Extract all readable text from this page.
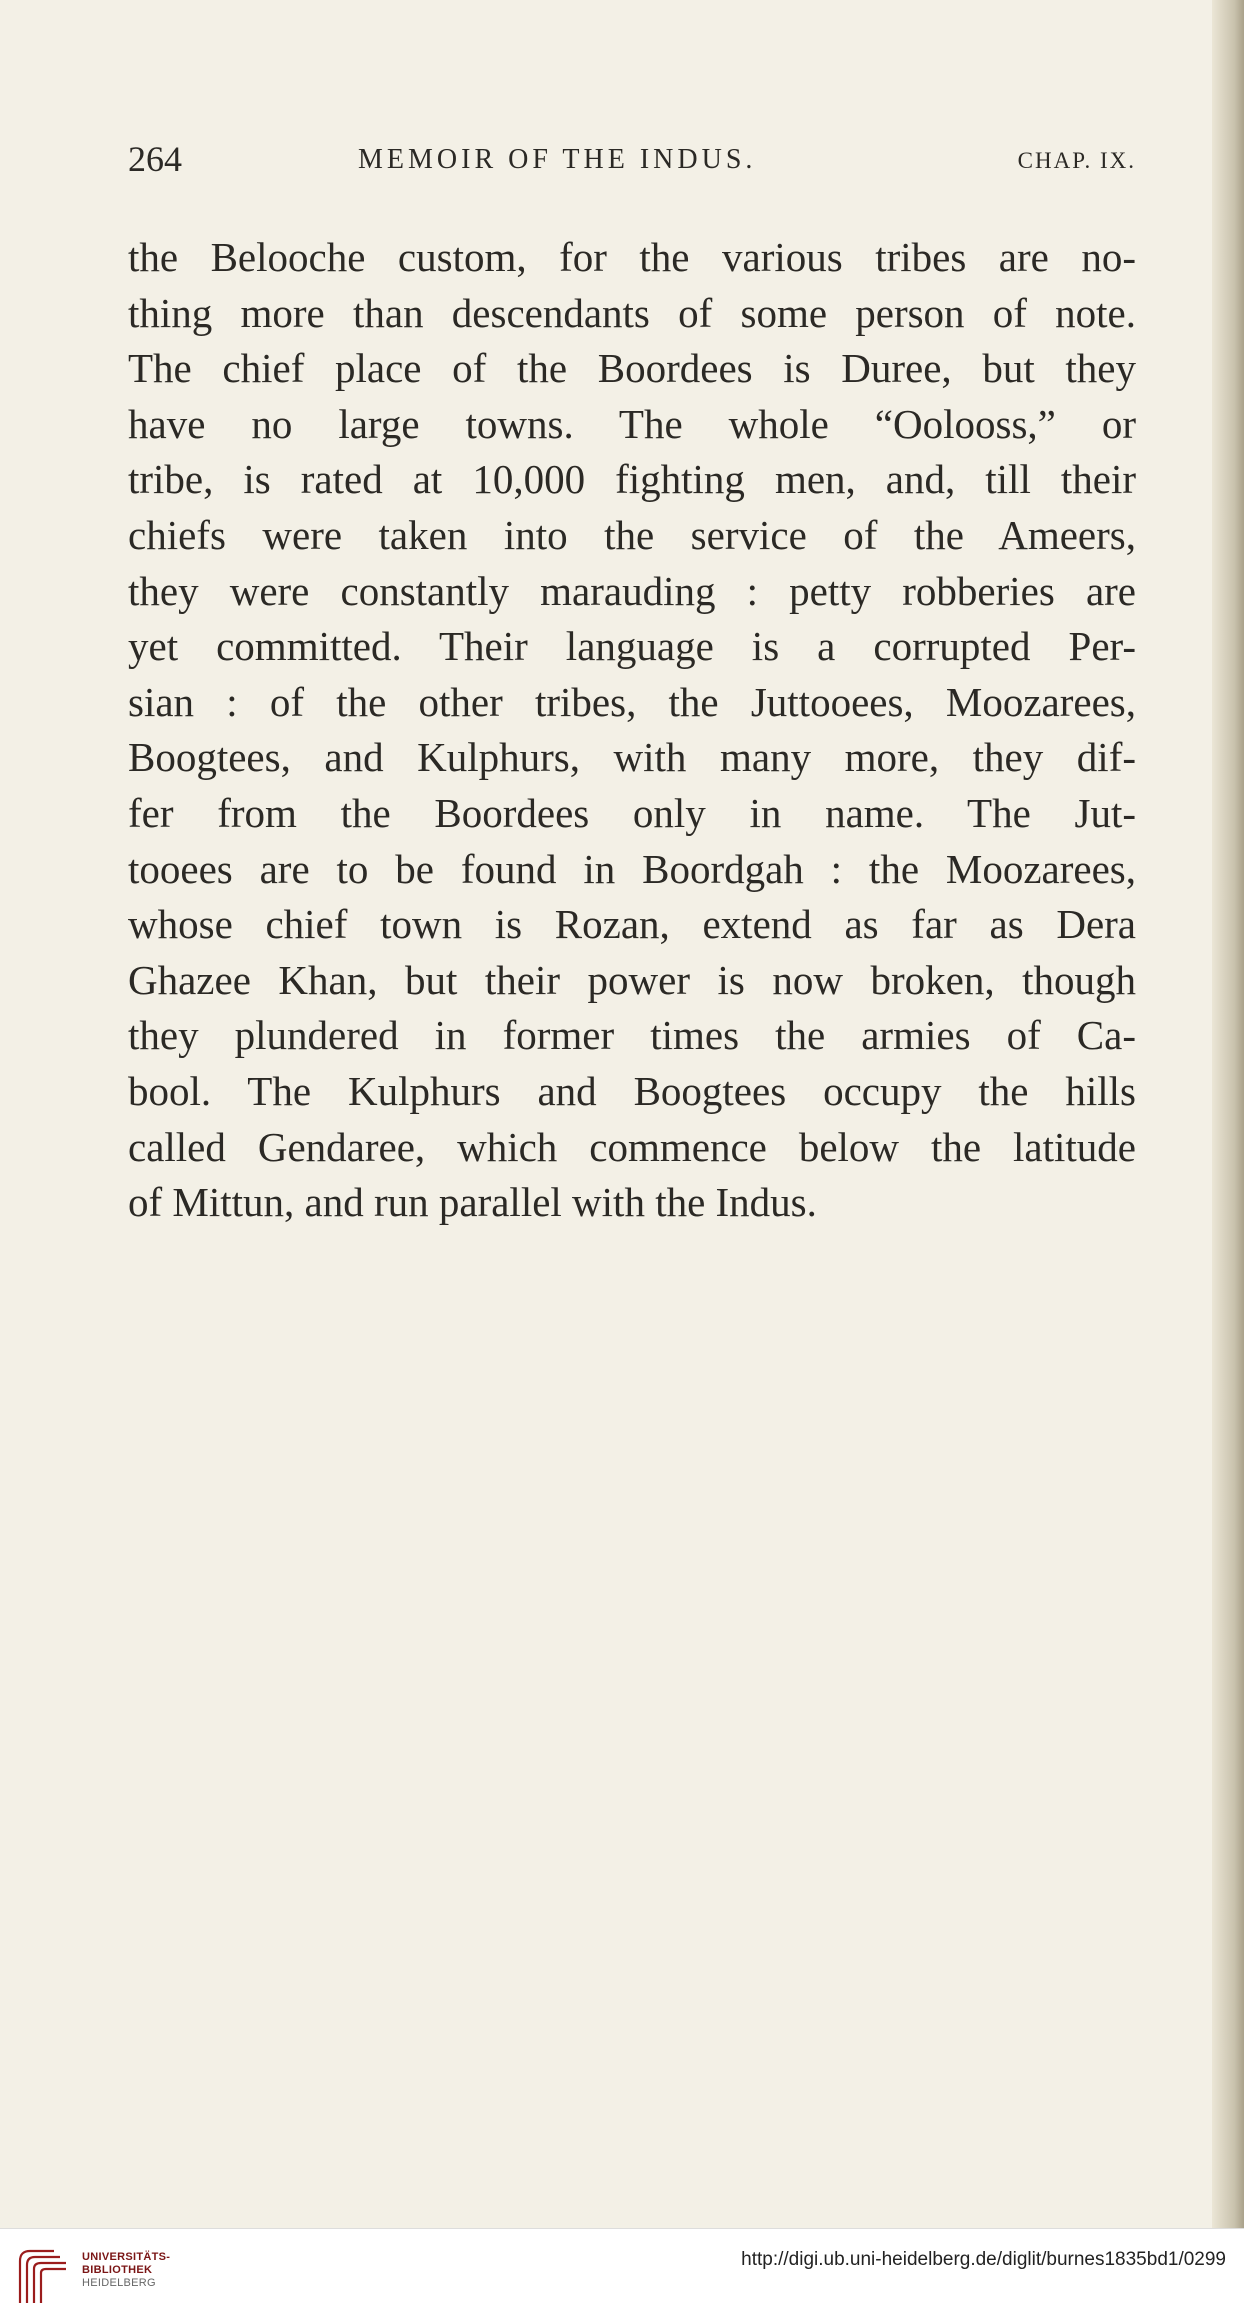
264	MEMOIR OF THE INDUS.	CHAP. IX.
the Belooche custom, for the various tribes are no-
thing more than descendants of some person of note.
The chief place of the Boordees is Duree, but they
have no large towns. The whole “Oolooss,” or
tribe, is rated at 10,000 fighting men, and, till their
chiefs were taken into the service of the Ameers,
they were constantly marauding : petty robberies are
yet committed. Their language is a corrupted Per-
sian : of the other tribes, the Juttooees, Moozarees,
Boogtees, and Kulphurs, with many more, they dif-
fer from the Boordees only in name. The Jut-
tooees are to be found in Boordgah : the Moozarees,
whose chief town is Rozan, extend as far as Dera
Ghazee Khan, but their power is now broken, though
they plundered in former times the armies of Ca-
bool. The Kulphurs and Boogtees occupy the hills
called Gendaree, which commence below the latitude
of Mittun, and run parallel with the Indus.
UNIVERSITÄTS-
BIBLIOTHEK
HEIDELBERG
http://digi.ub.uni-heidelberg.de/diglit/burnes1835bd1/0299
